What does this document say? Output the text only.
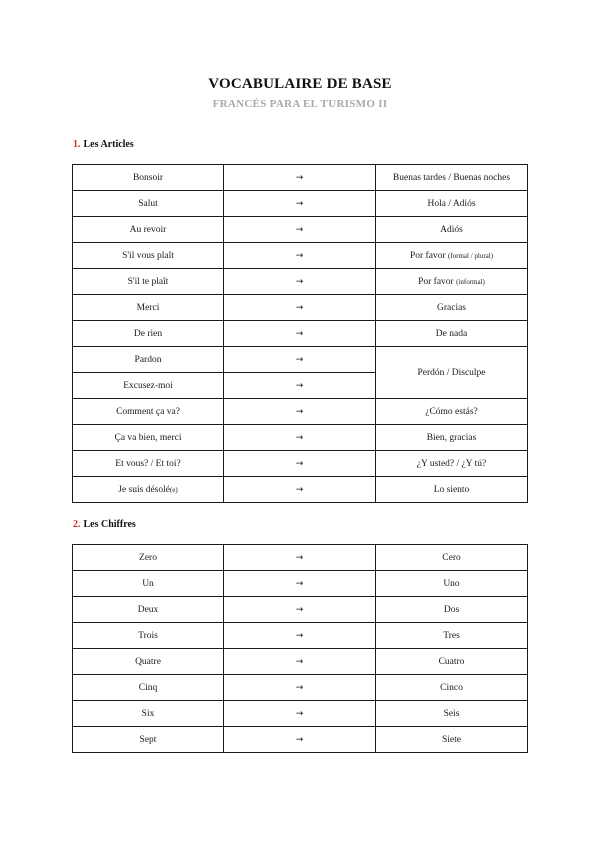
VOCABULAIRE DE BASE
FRANCÉS PARA EL TURISMO II
1. Les Articles
Bonsoir	→	Buenas tardes / Buenas noches
Salut	→	Hola / Adiós
Au revoir	→	Adiós
S'il vous plaît	→	Por favor (formal / plural)
S'il te plaît	→	Por favor (informal)
Merci	→	Gracias
De rien	→	De nada
Pardon	→	Perdón / Disculpe
Excusez-moi	→	
Comment ça va?	→	¿Cómo estás?
Ça va bien, merci	→	Bien, gracias
Et vous? / Et toi?	→	¿Y usted? / ¿Y tú?
Je suis désolé(e)	→	Lo siento
2. Les Chiffres
Zero	→	Cero
Un	→	Uno
Deux	→	Dos
Trois	→	Tres
Quatre	→	Cuatro
Cinq	→	Cinco
Six	→	Seis
Sept	→	Siete
